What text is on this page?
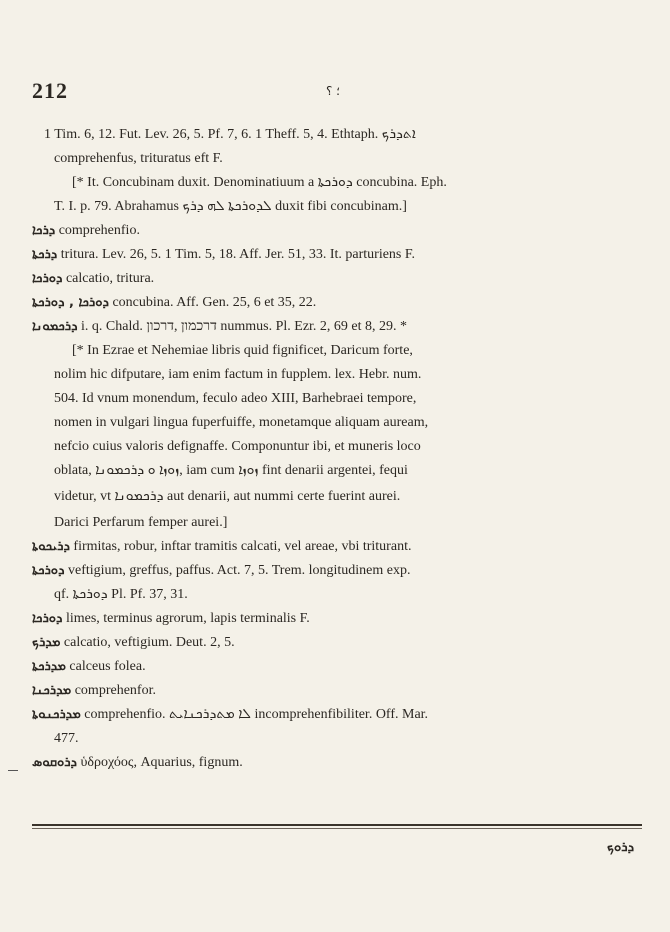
212	؛ ؟

1 Tim. 6, 12. Fut. Lev. 26, 5. Pf. 7, 6. 1 Theff. 5, 4. Ethtaph. ܐܬܕܪܟ

comprehenfus, trituratus eft F.

[* It. Concubinam duxit. Denominatiuum a ܕܘܪܟܬܐ concubina. Eph.

T. I. p. 79. Abrahamus ܠܕܘܪܟܬܐ ܠܗ ܕܪܟ duxit fibi concubinam.]

ܕܪܟܐ comprehenfio.

ܕܪܟܬܐ tritura. Lev. 26, 5. 1 Tim. 5, 18. Aff. Jer. 51, 33. It. parturiens F.

ܕܘܪܟܐ calcatio, tritura.

ܕܘܪܟܐ , ܕܘܪܟܬܐ concubina. Aff. Gen. 25, 6 et 35, 22.

ܕܪܟܡܘܢܐ i. q. Chald. דרכמון ,דרכון nummus. Pl. Ezr. 2, 69 et 8, 29. *

[* In Ezrae et Nehemiae libris quid fignificet, Daricum forte,

nolim hic difputare, iam enim factum in fupplem. lex. Hebr. num.

504. Id vnum monendum, feculo adeo XIII, Barhebraei tempore,

nomen in vulgari lingua fuperfuiffe, monetamque aliquam auream,

nefcio cuius valoris defignaffe. Componuntur ibi, et muneris loco

oblata, ܙܘܙܐ ܘ ܕܪܟܡܘܢܐ, iam cum ܙܘܙܐ fint denarii argentei, fequi

videtur, vt ܕܪܟܡܘܢܐ aut denarii, aut nummi certe fuerint aurei.

Darici Perfarum femper aurei.]

ܕܪܝܟܘܬܐ firmitas, robur, inftar tramitis calcati, vel areae, vbi triturant.

ܕܘܪܟܬܐ veftigium, greffus, paffus. Act. 7, 5. Trem. longitudinem exp.

qf. ܕܘܪܟܬܐ Pl. Pf. 37, 31.

ܕܘܪܟܐ limes, terminus agrorum, lapis terminalis F.

ܡܕܪܟ calcatio, veftigium. Deut. 2, 5.

ܡܕܪܟܬܐ calceus folea.

ܡܕܪܟܢܐ comprehenfor.

ܡܕܪܟܢܘܬܐ comprehenfio. ܠܐ ܡܬܕܪܟܢܐܝܬ incomprehenfibiliter. Off. Mar.

477.

ܕܪܘܩܘܣ ὑδροχόος, Aquarius, fignum.

ܕܪܘܟ
